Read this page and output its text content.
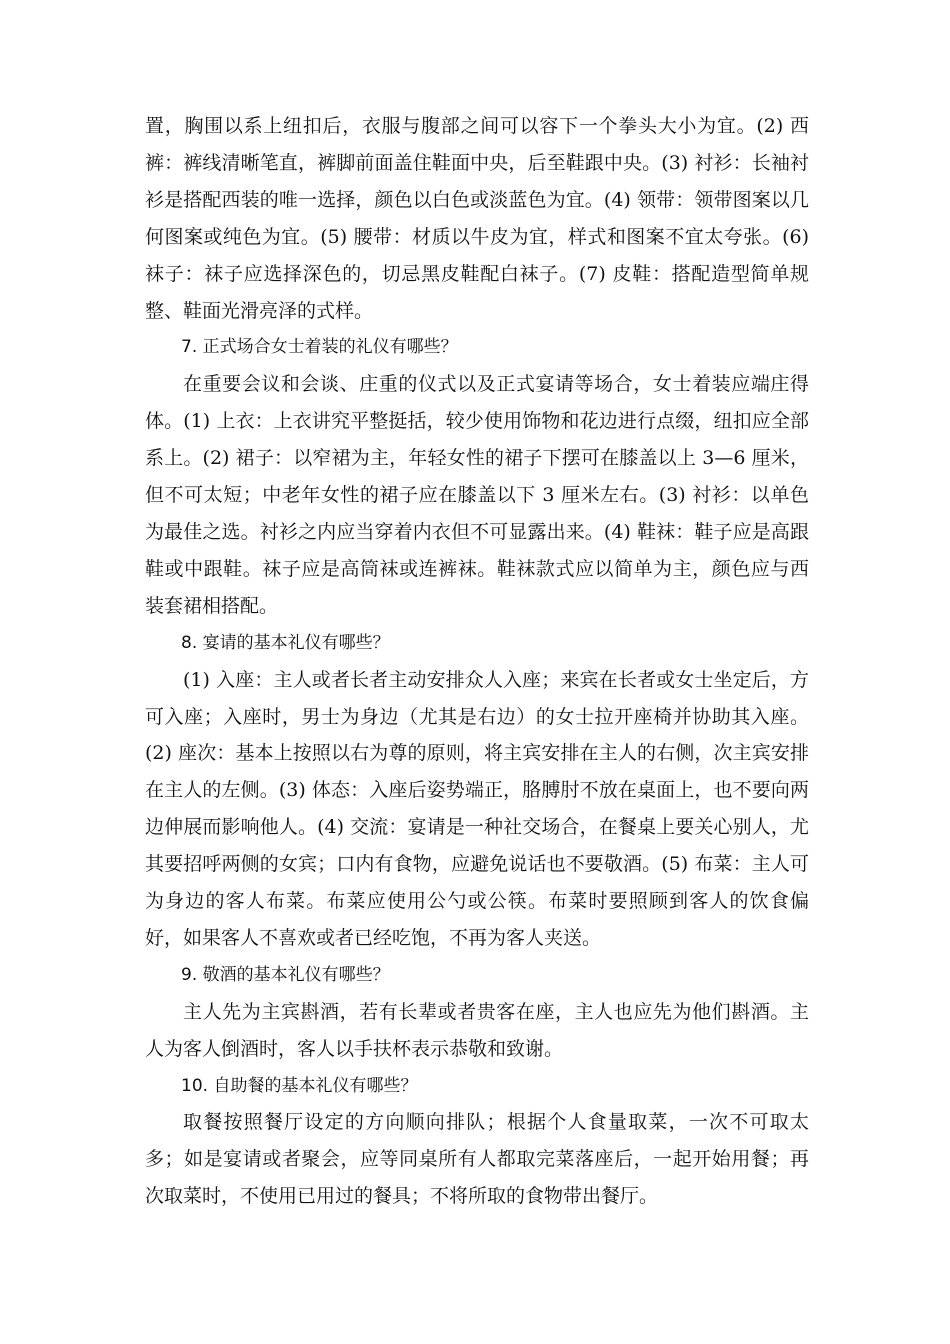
置，胸围以系上纽扣后，衣服与腹部之间可以容下一个拳头大小为宜。(2) 西裤：裤线清晰笔直，裤脚前面盖住鞋面中央，后至鞋跟中央。(3) 衬衫：长袖衬衫是搭配西装的唯一选择，颜色以白色或淡蓝色为宜。(4) 领带：领带图案以几何图案或纯色为宜。(5) 腰带：材质以牛皮为宜，样式和图案不宜太夸张。(6) 袜子：袜子应选择深色的，切忌黑皮鞋配白袜子。(7) 皮鞋：搭配造型简单规整、鞋面光滑亮泽的式样。

7. 正式场合女士着装的礼仪有哪些？

在重要会议和会谈、庄重的仪式以及正式宴请等场合，女士着装应端庄得体。(1) 上衣：上衣讲究平整挺括，较少使用饰物和花边进行点缀，纽扣应全部系上。(2) 裙子：以窄裙为主，年轻女性的裙子下摆可在膝盖以上 3—6 厘米，但不可太短；中老年女性的裙子应在膝盖以下 3 厘米左右。(3) 衬衫：以单色为最佳之选。衬衫之内应当穿着内衣但不可显露出来。(4) 鞋袜：鞋子应是高跟鞋或中跟鞋。袜子应是高筒袜或连裤袜。鞋袜款式应以简单为主，颜色应与西装套裙相搭配。

8. 宴请的基本礼仪有哪些？

(1) 入座：主人或者长者主动安排众人入座；来宾在长者或女士坐定后，方可入座；入座时，男士为身边（尤其是右边）的女士拉开座椅并协助其入座。(2) 座次：基本上按照以右为尊的原则，将主宾安排在主人的右侧，次主宾安排在主人的左侧。(3) 体态：入座后姿势端正，胳膊肘不放在桌面上，也不要向两边伸展而影响他人。(4) 交流：宴请是一种社交场合，在餐桌上要关心别人，尤其要招呼两侧的女宾；口内有食物，应避免说话也不要敬酒。(5) 布菜：主人可为身边的客人布菜。布菜应使用公勺或公筷。布菜时要照顾到客人的饮食偏好，如果客人不喜欢或者已经吃饱，不再为客人夹送。

9. 敬酒的基本礼仪有哪些？

主人先为主宾斟酒，若有长辈或者贵客在座，主人也应先为他们斟酒。主人为客人倒酒时，客人以手扶杯表示恭敬和致谢。

10. 自助餐的基本礼仪有哪些？

取餐按照餐厅设定的方向顺向排队；根据个人食量取菜，一次不可取太多；如是宴请或者聚会，应等同桌所有人都取完菜落座后，一起开始用餐；再次取菜时，不使用已用过的餐具；不将所取的食物带出餐厅。
